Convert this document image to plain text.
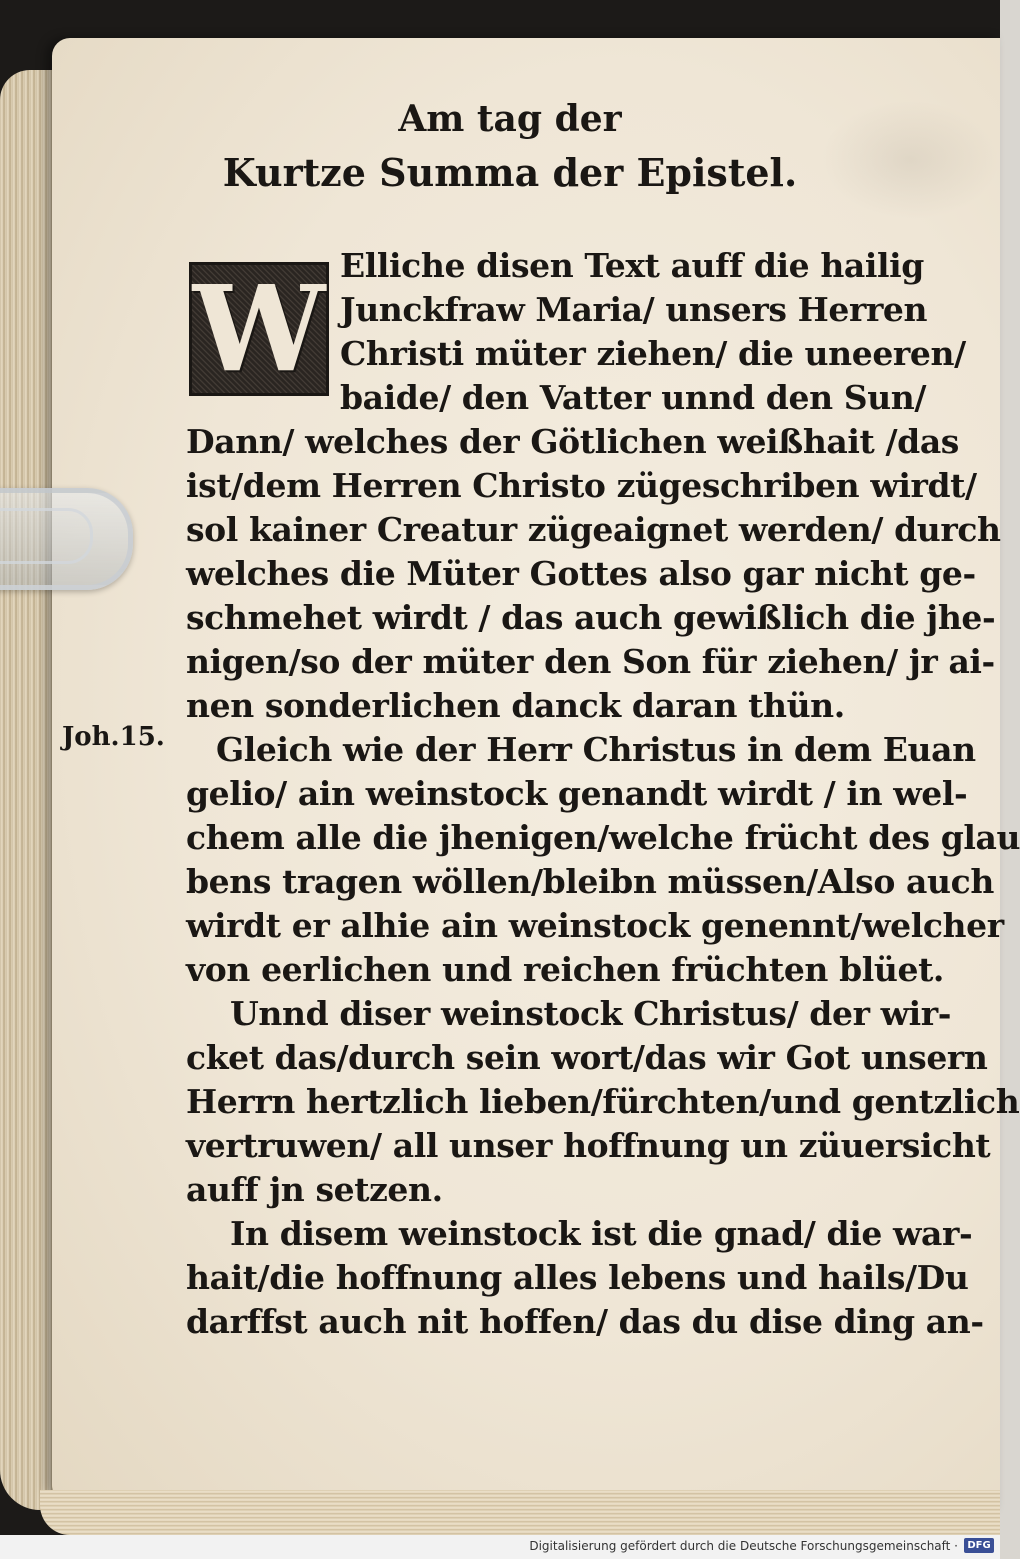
Am tag der
Kurtze Summa der Epistel.
W
Joh.15.
Elliche disen Text auff die hailig
Junckfraw Maria/ unsers Herren
Christi müter ziehen/ die uneeren/
baide/ den Vatter unnd den Sun/
Dann/ welches der Götlichen weißhait /das
ist/dem Herren Christo zügeschriben wirdt/
sol kainer Creatur zügeaignet werden/ durch
welches die Müter Gottes also gar nicht ge-
schmehet wirdt / das auch gewißlich die jhe-
nigen/so der müter den Son für ziehen/ jr ai-
nen sonderlichen danck daran thün.
Gleich wie der Herr Christus in dem Euan
gelio/ ain weinstock genandt wirdt / in wel-
chem alle die jhenigen/welche frücht des glau
bens tragen wöllen/bleibn müssen/Also auch
wirdt er alhie ain weinstock genennt/welcher
von eerlichen und reichen früchten blüet.
Unnd diser weinstock Christus/ der wir-
cket das/durch sein wort/das wir Got unsern
Herrn hertzlich lieben/fürchten/und gentzlich
vertruwen/ all unser hoffnung un züuersicht
auff jn setzen.
In disem weinstock ist die gnad/ die war-
hait/die hoffnung alles lebens und hails/Du
darffst auch nit hoffen/ das du dise ding an-
Digitalisierung gefördert durch die Deutsche Forschungsgemeinschaft · DFG
